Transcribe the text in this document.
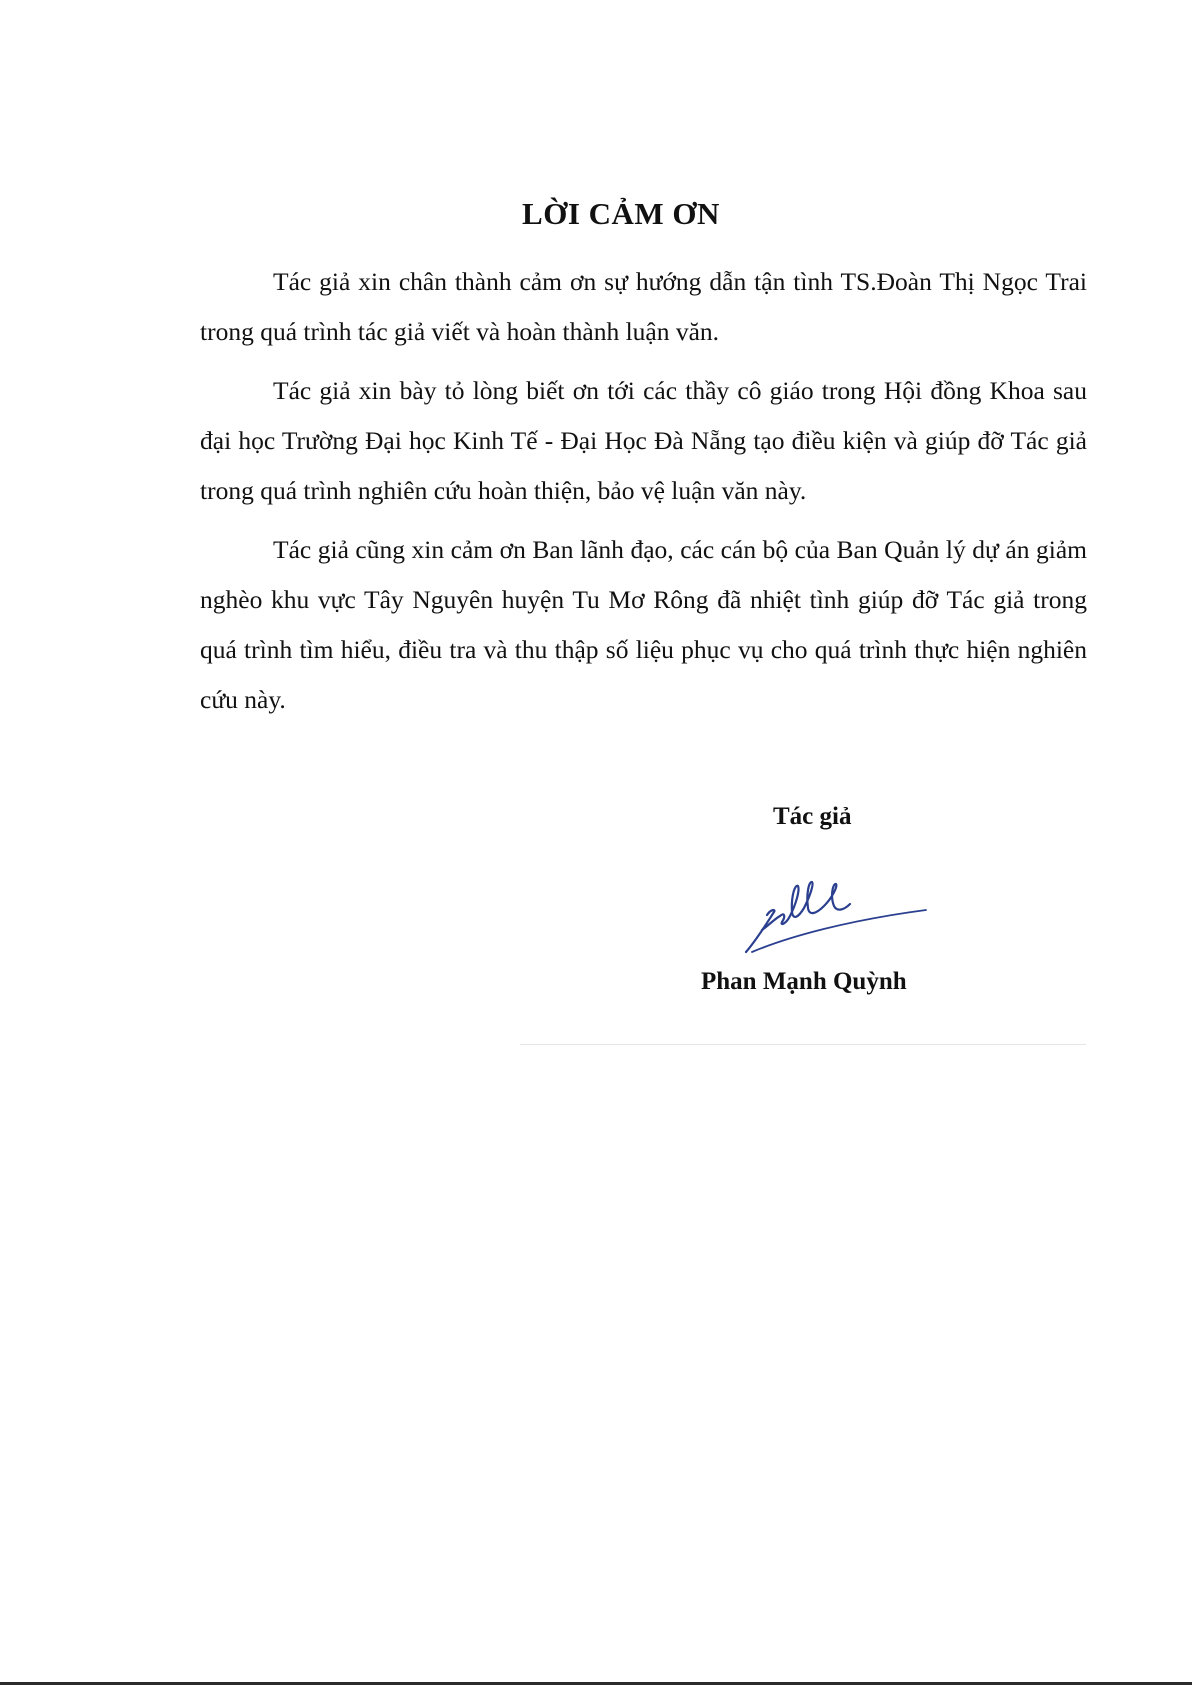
LỜI CẢM ƠN

Tác giả xin chân thành cảm ơn sự hướng dẫn tận tình TS.Đoàn Thị Ngọc Trai trong quá trình tác giả viết và hoàn thành luận văn.

Tác giả xin bày tỏ lòng biết ơn tới các thầy cô giáo trong Hội đồng Khoa sau đại học Trường Đại học Kinh Tế - Đại Học Đà Nẵng tạo điều kiện và giúp đỡ Tác giả trong quá trình nghiên cứu hoàn thiện, bảo vệ luận văn này.

Tác giả cũng xin cảm ơn Ban lãnh đạo, các cán bộ của Ban Quản lý dự án giảm nghèo khu vực Tây Nguyên huyện Tu Mơ Rông đã nhiệt tình giúp đỡ Tác giả trong quá trình tìm hiểu, điều tra và thu thập số liệu phục vụ cho quá trình thực hiện nghiên cứu này.

Tác giả

Phan Mạnh Quỳnh
